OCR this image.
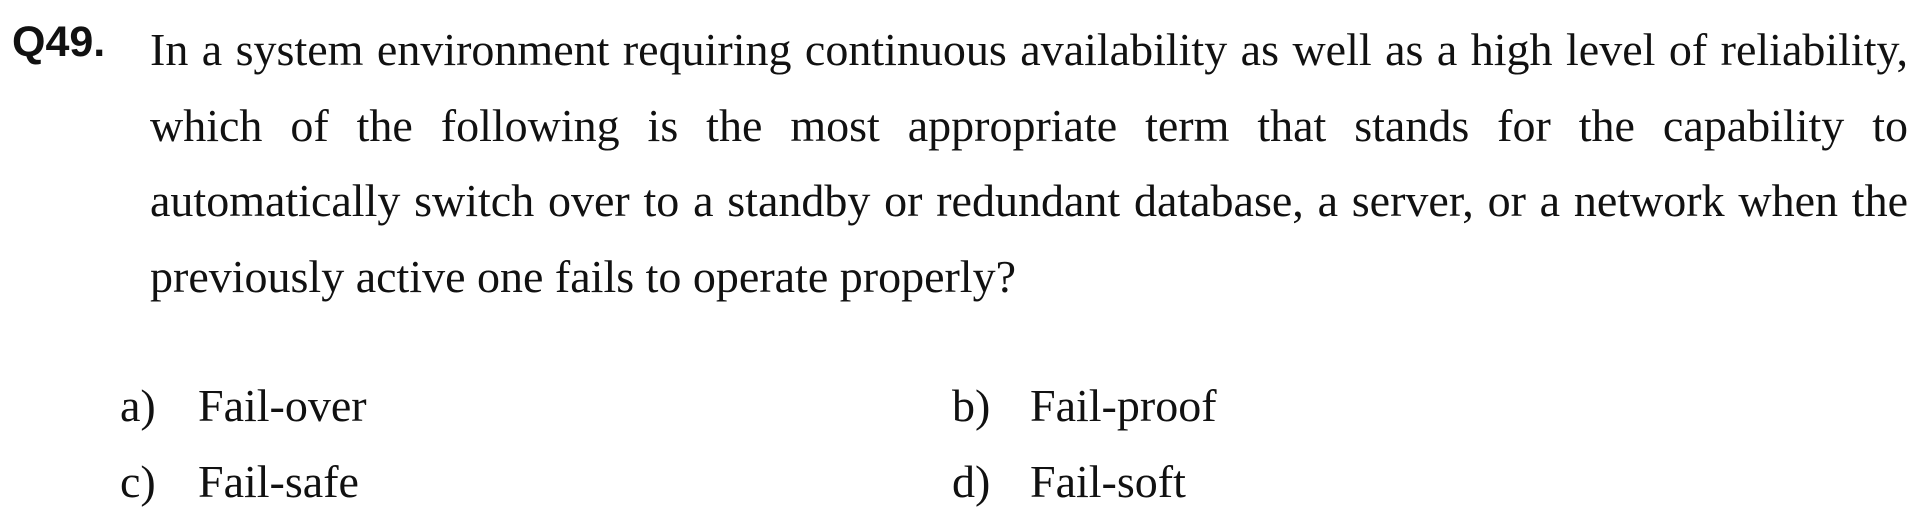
Q49. In a system environment requiring continuous availability as well as a high level of reliability, which of the following is the most appropriate term that stands for the capability to automatically switch over to a standby or redundant database, a server, or a network when the previously active one fails to operate properly?
a) Fail-over	b) Fail-proof
c) Fail-safe	d) Fail-soft
